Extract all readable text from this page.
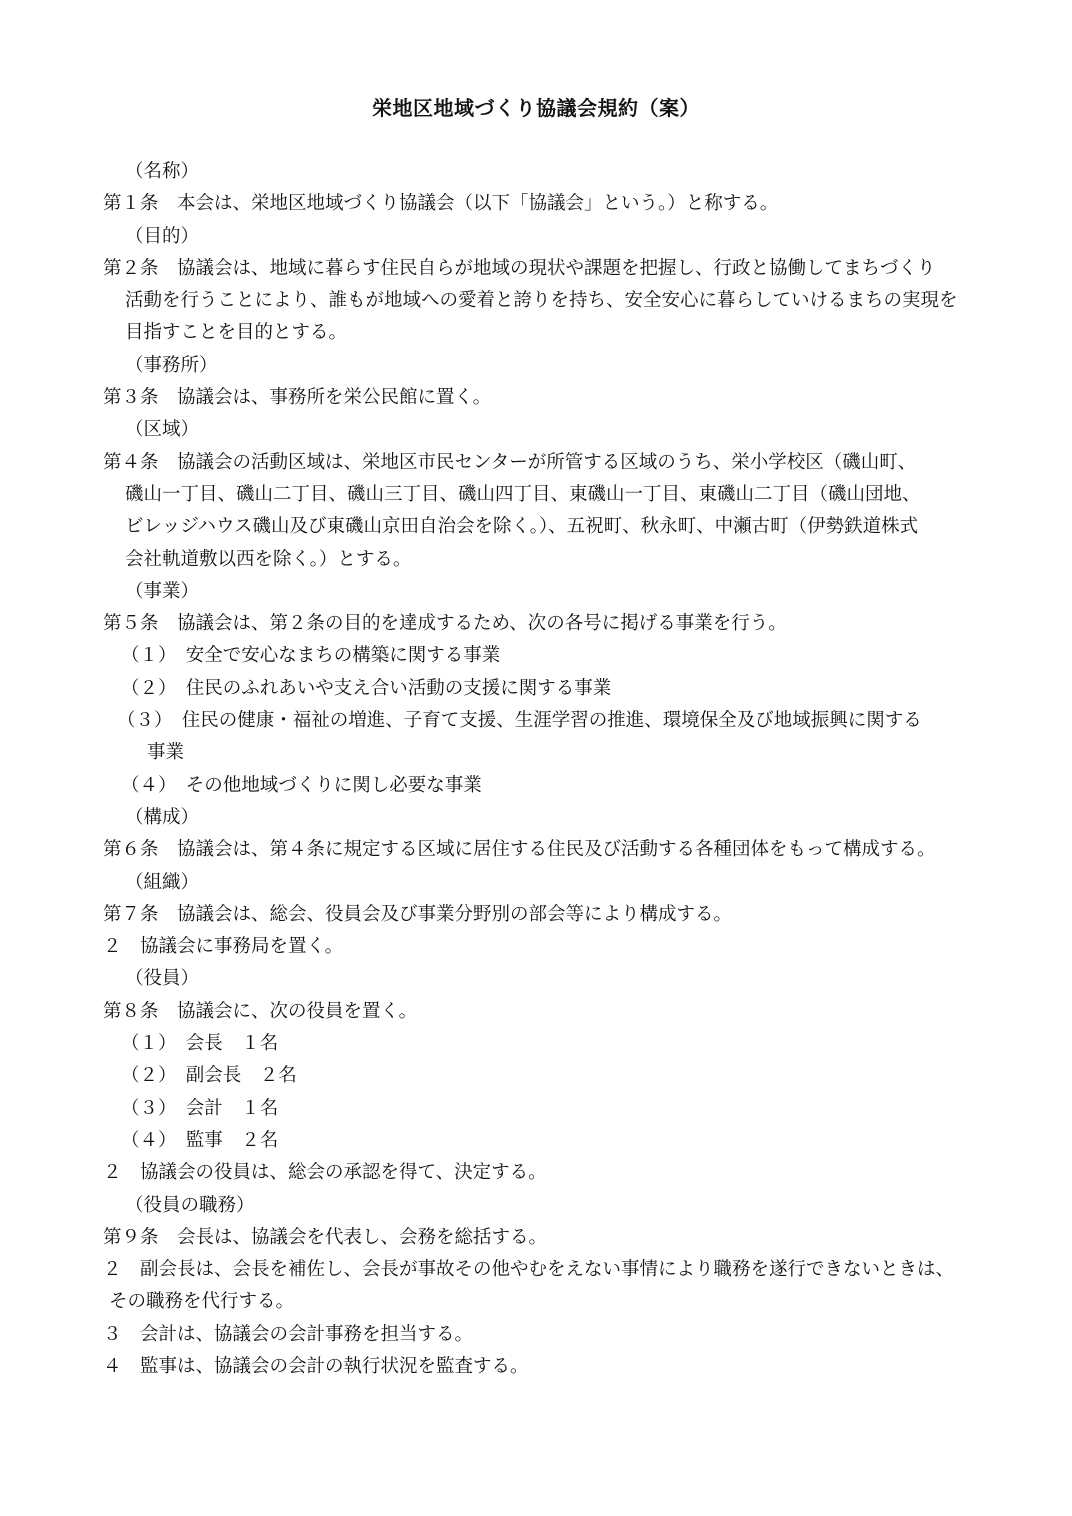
栄地区地域づくり協議会規約（案）
（名称）
第１条　本会は、栄地区地域づくり協議会（以下「協議会」という。）と称する。
（目的）
第２条　協議会は、地域に暮らす住民自らが地域の現状や課題を把握し、行政と協働してまちづくり
活動を行うことにより、誰もが地域への愛着と誇りを持ち、安全安心に暮らしていけるまちの実現を
目指すことを目的とする。
（事務所）
第３条　協議会は、事務所を栄公民館に置く。
（区域）
第４条　協議会の活動区域は、栄地区市民センターが所管する区域のうち、栄小学校区（磯山町、
磯山一丁目、磯山二丁目、磯山三丁目、磯山四丁目、東磯山一丁目、東磯山二丁目（磯山団地、
ビレッジハウス磯山及び東磯山京田自治会を除く。）、五祝町、秋永町、中瀬古町（伊勢鉄道株式
会社軌道敷以西を除く。）とする。
（事業）
第５条　協議会は、第２条の目的を達成するため、次の各号に掲げる事業を行う。
（１）　安全で安心なまちの構築に関する事業
（２）　住民のふれあいや支え合い活動の支援に関する事業
（３）　住民の健康・福祉の増進、子育て支援、生涯学習の推進、環境保全及び地域振興に関する
事業
（４）　その他地域づくりに関し必要な事業
（構成）
第６条　協議会は、第４条に規定する区域に居住する住民及び活動する各種団体をもって構成する。
（組織）
第７条　協議会は、総会、役員会及び事業分野別の部会等により構成する。
２　協議会に事務局を置く。
（役員）
第８条　協議会に、次の役員を置く。
（１）　会長　１名
（２）　副会長　２名
（３）　会計　１名
（４）　監事　２名
２　協議会の役員は、総会の承認を得て、決定する。
（役員の職務）
第９条　会長は、協議会を代表し、会務を総括する。
２　副会長は、会長を補佐し、会長が事故その他やむをえない事情により職務を遂行できないときは、
その職務を代行する。
３　会計は、協議会の会計事務を担当する。
４　監事は、協議会の会計の執行状況を監査する。
